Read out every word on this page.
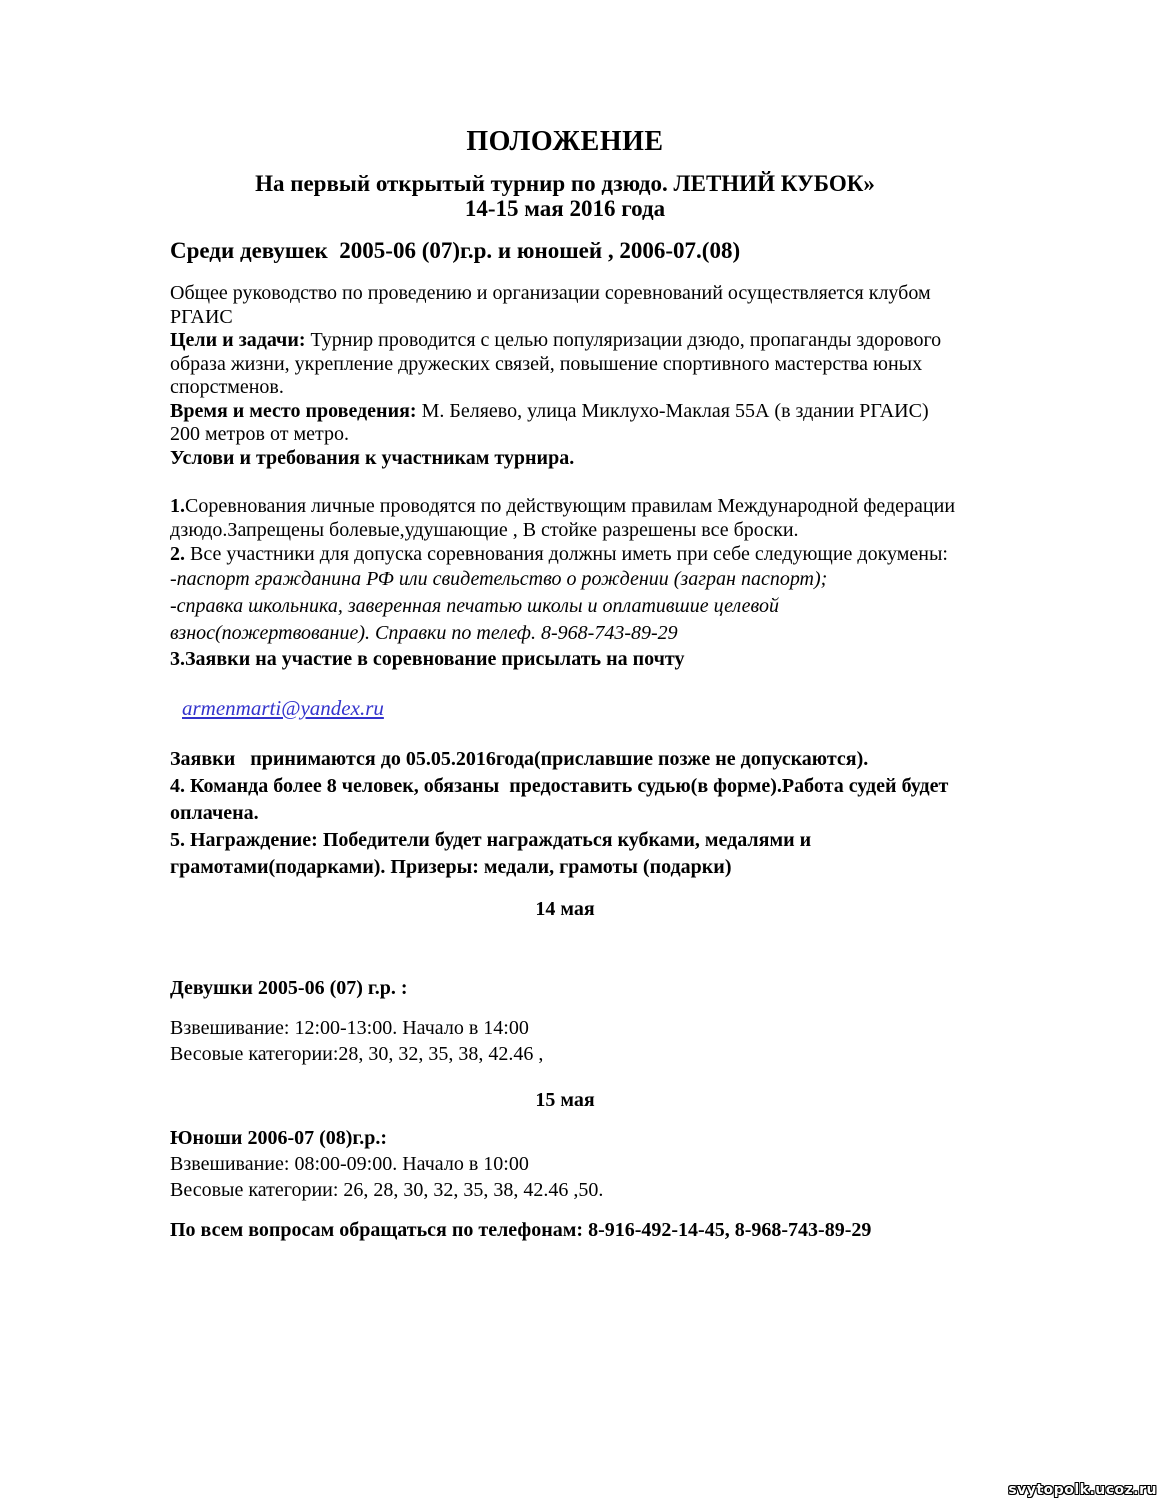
ПОЛОЖЕНИЕ
На первый открытый турнир по дзюдо. ЛЕТНИЙ КУБОК»
14-15 мая 2016 года
Среди девушек  2005-06 (07)г.р. и юношей , 2006-07.(08)
Общее руководство по проведению и организации соревнований осуществляется клубом РГАИС
Цели и задачи: Турнир проводится с целью популяризации дзюдо, пропаганды здорового образа жизни, укрепление дружеских связей, повышение спортивного мастерства юных спорстменов.
Время и место проведения: М. Беляево, улица Миклухо-Маклая 55А (в здании РГАИС) 200 метров от метро.
Услови и требования к участникам турнира.
1.Соревнования личные проводятся по действующим правилам Международной федерации дзюдо.Запрещены болевые,удушающие , В стойке разрешены все броски.
2. Все участники для допуска соревнования должны иметь при себе следующие докумены:
-паспорт гражданина РФ или свидетельство о рождении (загран паспорт);
-справка школьника, заверенная печатью школы и оплатившие целевой взнос(пожертвование). Справки по телеф. 8-968-743-89-29
3.Заявки на участие в соревнование присылать на почту
armenmarti@yandex.ru
Заявки   принимаются до 05.05.2016года(приславшие позже не допускаются).
4. Команда более 8 человек, обязаны  предоставить судью(в форме).Работа судей будет оплачена.
5. Награждение: Победители будет награждаться кубками, медалями и грамотами(подарками). Призеры: медали, грамоты (подарки)
14 мая
Девушки 2005-06 (07) г.р. :
Взвешивание: 12:00-13:00. Начало в 14:00
Весовые категории:28, 30, 32, 35, 38, 42.46 ,
15 мая
Юноши 2006-07 (08)г.р.:
Взвешивание: 08:00-09:00. Начало в 10:00
Весовые категории: 26, 28, 30, 32, 35, 38, 42.46 ,50.
По всем вопросам обращаться по телефонам: 8-916-492-14-45, 8-968-743-89-29
svytopolk.ucoz.ru
